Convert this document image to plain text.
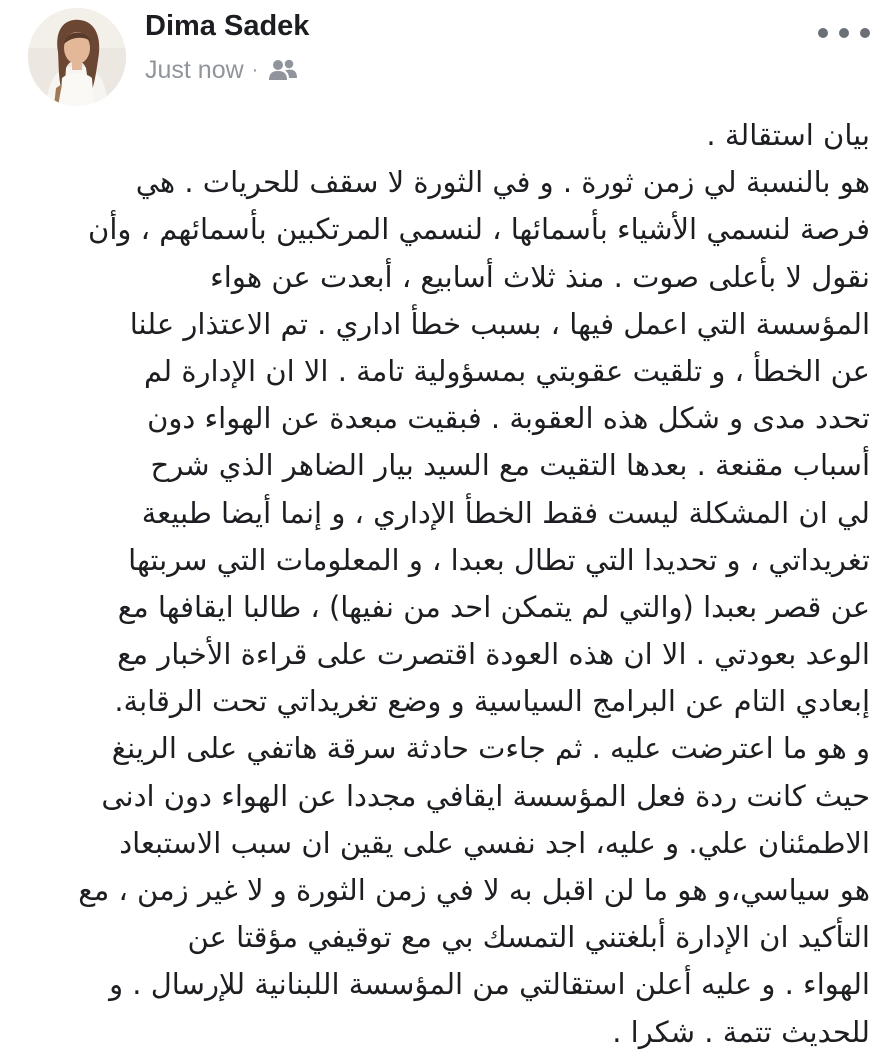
Dima Sadek
Just now ·
بيان استقالة .
هو بالنسبة لي زمن ثورة . و في الثورة لا سقف للحريات . هي
فرصة لنسمي الأشياء بأسمائها ، لنسمي المرتكبين بأسمائهم ، وأن
نقول لا بأعلى صوت . منذ ثلاث أسابيع ، أبعدت عن هواء
المؤسسة التي اعمل فيها ، بسبب خطأ اداري . تم الاعتذار علنا
عن الخطأ ، و تلقيت عقوبتي بمسؤولية تامة . الا ان الإدارة لم
تحدد مدى و شكل هذه العقوبة . فبقيت مبعدة عن الهواء دون
أسباب مقنعة . بعدها التقيت مع السيد بيار الضاهر الذي شرح
لي ان المشكلة ليست فقط الخطأ الإداري ، و إنما أيضا طبيعة
تغريداتي ، و تحديدا التي تطال بعبدا ، و المعلومات التي سربتها
عن قصر بعبدا (والتي لم يتمكن احد من نفيها) ، طالبا ايقافها مع
الوعد بعودتي . الا ان هذه العودة اقتصرت على قراءة الأخبار مع
إبعادي التام عن البرامج السياسية و وضع تغريداتي تحت الرقابة.
و هو ما اعترضت عليه . ثم جاءت حادثة سرقة هاتفي على الرينغ
حيث كانت ردة فعل المؤسسة ايقافي مجددا عن الهواء دون ادنى
الاطمئنان علي. و عليه، اجد نفسي على يقين ان سبب الاستبعاد
هو سياسي،و هو ما لن اقبل به لا في زمن الثورة و لا غير زمن ، مع
التأكيد ان الإدارة أبلغتني التمسك بي مع توقيفي مؤقتا عن
الهواء . و عليه أعلن استقالتي من المؤسسة اللبنانية للإرسال . و
للحديث تتمة . شكرا .
